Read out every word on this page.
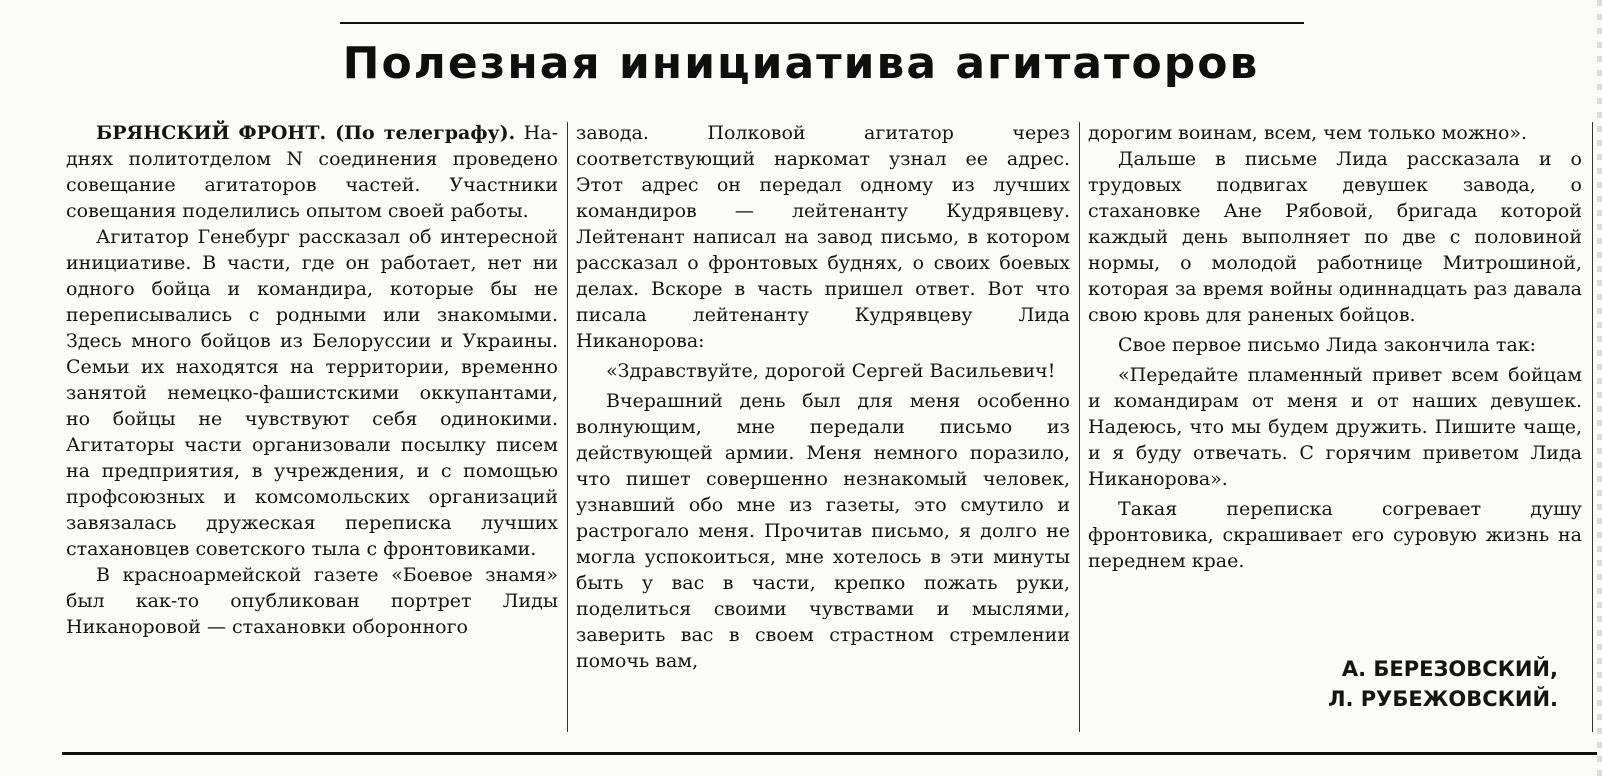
Полезная инициатива агитаторов

БРЯНСКИЙ ФРОНТ. (По телеграфу). На-днях политотделом N соединения проведено совещание агитаторов частей. Участники совещания поделились опытом своей работы.

Агитатор Генебург рассказал об интересной инициативе. В части, где он работает, нет ни одного бойца и командира, которые бы не переписывались с родными или знакомыми. Здесь много бойцов из Белоруссии и Украины. Семьи их находятся на территории, временно занятой немецко-фашистскими оккупантами, но бойцы не чувствуют себя одинокими. Агитаторы части организовали посылку писем на предприятия, в учреждения, и с помощью профсоюзных и комсомольских организаций завязалась дружеская переписка лучших стахановцев советского тыла с фронтовиками.

В красноармейской газете «Боевое знамя» был как-то опубликован портрет Лиды Никаноровой — стахановки оборонного

завода. Полковой агитатор через соответствующий наркомат узнал ее адрес. Этот адрес он передал одному из лучших командиров — лейтенанту Кудрявцеву. Лейтенант написал на завод письмо, в котором рассказал о фронтовых буднях, о своих боевых делах. Вскоре в часть пришел ответ. Вот что писала лейтенанту Кудрявцеву Лида Никанорова:

«Здравствуйте, дорогой Сергей Васильевич!

Вчерашний день был для меня особенно волнующим, мне передали письмо из действующей армии. Меня немного поразило, что пишет совершенно незнакомый человек, узнавший обо мне из газеты, это смутило и растрогало меня. Прочитав письмо, я долго не могла успокоиться, мне хотелось в эти минуты быть у вас в части, крепко пожать руки, поделиться своими чувствами и мыслями, заверить вас в своем страстном стремлении помочь вам,

дорогим воинам, всем, чем только можно».

Дальше в письме Лида рассказала и о трудовых подвигах девушек завода, о стахановке Ане Рябовой, бригада которой каждый день выполняет по две с половиной нормы, о молодой работнице Митрошиной, которая за время войны одиннадцать раз давала свою кровь для раненых бойцов.

Свое первое письмо Лида закончила так:

«Передайте пламенный привет всем бойцам и командирам от меня и от наших девушек. Надеюсь, что мы будем дружить. Пишите чаще, и я буду отвечать. С горячим приветом Лида Никанорова».

Такая переписка согревает душу фронтовика, скрашивает его суровую жизнь на переднем крае.

А. БЕРЕЗОВСКИЙ,
Л. РУБЕЖОВСКИЙ.
